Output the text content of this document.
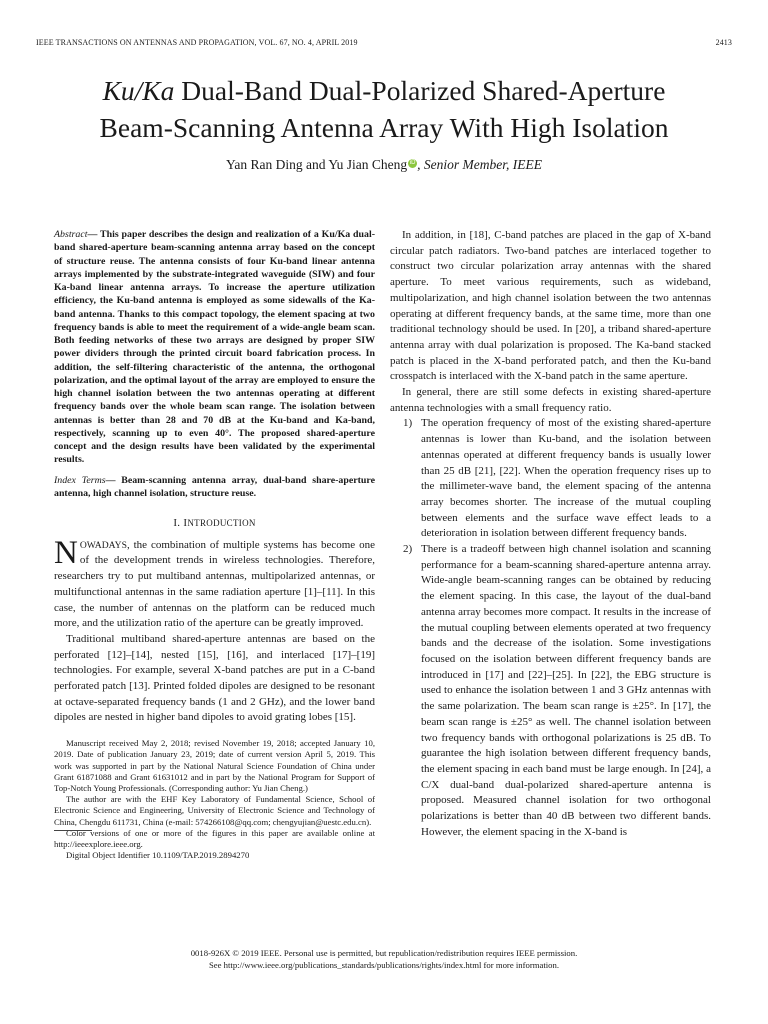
IEEE TRANSACTIONS ON ANTENNAS AND PROPAGATION, VOL. 67, NO. 4, APRIL 2019	2413
Ku/Ka Dual-Band Dual-Polarized Shared-Aperture
Beam-Scanning Antenna Array With High Isolation
Yan Ran Ding and Yu Jian Cheng iD , Senior Member, IEEE
Abstract— This paper describes the design and realization of a Ku/Ka dual-band shared-aperture beam-scanning antenna array based on the concept of structure reuse. The antenna consists of four Ku-band linear antenna arrays implemented by the substrate-integrated waveguide (SIW) and four Ka-band linear antenna arrays. To increase the aperture utilization efficiency, the Ku-band antenna is employed as some sidewalls of the Ka-band antenna. Thanks to this compact topology, the element spacing at two frequency bands is able to meet the requirement of a wide-angle beam scan. Both feeding networks of these two arrays are designed by proper SIW power dividers through the printed circuit board fabrication process. In addition, the self-filtering characteristic of the antenna, the orthogonal polarization, and the optimal layout of the array are employed to ensure the high channel isolation between the two antennas operating at different frequency bands over the whole beam scan range. The isolation between antennas is better than 28 and 70 dB at the Ku-band and Ka-band, respectively, scanning up to even 40°. The proposed shared-aperture concept and the design results have been validated by the experimental results.
Index Terms— Beam-scanning antenna array, dual-band share-aperture antenna, high channel isolation, structure reuse.
I. INTRODUCTION

NOWADAYS, the combination of multiple systems has become one of the development trends in wireless technologies. Therefore, researchers try to put multiband antennas, multipolarized antennas, or multifunctional antennas in the same radiation aperture [1]–[11]. In this case, the number of antennas on the platform can be reduced much more, and the utilization ratio of the aperture can be greatly improved.

Traditional multiband shared-aperture antennas are based on the perforated [12]–[14], nested [15], [16], and interlaced [17]–[19] technologies. For example, several X-band patches are put in a C-band perforated patch [13]. Printed folded dipoles are designed to be resonant at octave-separated frequency bands (1 and 2 GHz), and the lower band dipoles are nested in higher band dipoles to avoid grating lobes [15].

Manuscript received May 2, 2018; revised November 19, 2018; accepted January 10, 2019. Date of publication January 23, 2019; date of current version April 5, 2019. This work was supported in part by the National Natural Science Foundation of China under Grant 61871088 and Grant 61631012 and in part by the National Program for Support of Top-Notch Young Professionals. (Corresponding author: Yu Jian Cheng.)

The author are with the EHF Key Laboratory of Fundamental Science, School of Electronic Science and Engineering, University of Electronic Science and Technology of China, Chengdu 611731, China (e-mail: 574266108@qq.com; chengyujian@uestc.edu.cn).

Color versions of one or more of the figures in this paper are available online at http://ieeexplore.ieee.org.

Digital Object Identifier 10.1109/TAP.2019.2894270

In addition, in [18], C-band patches are placed in the gap of X-band circular patch radiators. Two-band patches are interlaced together to construct two circular polarization array antennas with the shared aperture. To meet various requirements, such as wideband, multipolarization, and high channel isolation between the two antennas operating at different frequency bands, at the same time, more than one traditional technology should be used. In [20], a triband shared-aperture antenna array with dual polarization is proposed. The Ka-band stacked patch is placed in the X-band perforated patch, and then the Ku-band crosspatch is interlaced with the X-band patch in the same aperture.

In general, there are still some defects in existing shared-aperture antenna technologies with a small frequency ratio.

1) The operation frequency of most of the existing shared-aperture antennas is lower than Ku-band, and the isolation between antennas operated at different frequency bands is usually lower than 25 dB [21], [22]. When the operation frequency rises up to the millimeter-wave band, the element spacing of the antenna array becomes shorter. The increase of the mutual coupling between elements and the surface wave effect leads to a deterioration in isolation between different frequency bands.
2) There is a tradeoff between high channel isolation and scanning performance for a beam-scanning shared-aperture antenna array. Wide-angle beam-scanning ranges can be obtained by reducing the element spacing. In this case, the layout of the dual-band antenna array becomes more compact. It results in the increase of the mutual coupling between elements operated at two frequency bands and the decrease of the isolation. Some investigations focused on the isolation between different frequency bands are introduced in [17] and [22]–[25]. In [22], the EBG structure is used to enhance the isolation between 1 and 3 GHz antennas with the same polarization. The beam scan range is ±25°. In [17], the beam scan range is ±25° as well. The channel isolation between two frequency bands with orthogonal polarizations is 25 dB. To guarantee the high isolation between different frequency bands, the element spacing in each band must be large enough. In [24], a C/X dual-band dual-polarized shared-aperture antenna is proposed. Measured channel isolation for two orthogonal polarizations is better than 40 dB between two different bands. However, the element spacing in the X-band is
0018-926X © 2019 IEEE. Personal use is permitted, but republication/redistribution requires IEEE permission.
See http://www.ieee.org/publications_standards/publications/rights/index.html for more information.
